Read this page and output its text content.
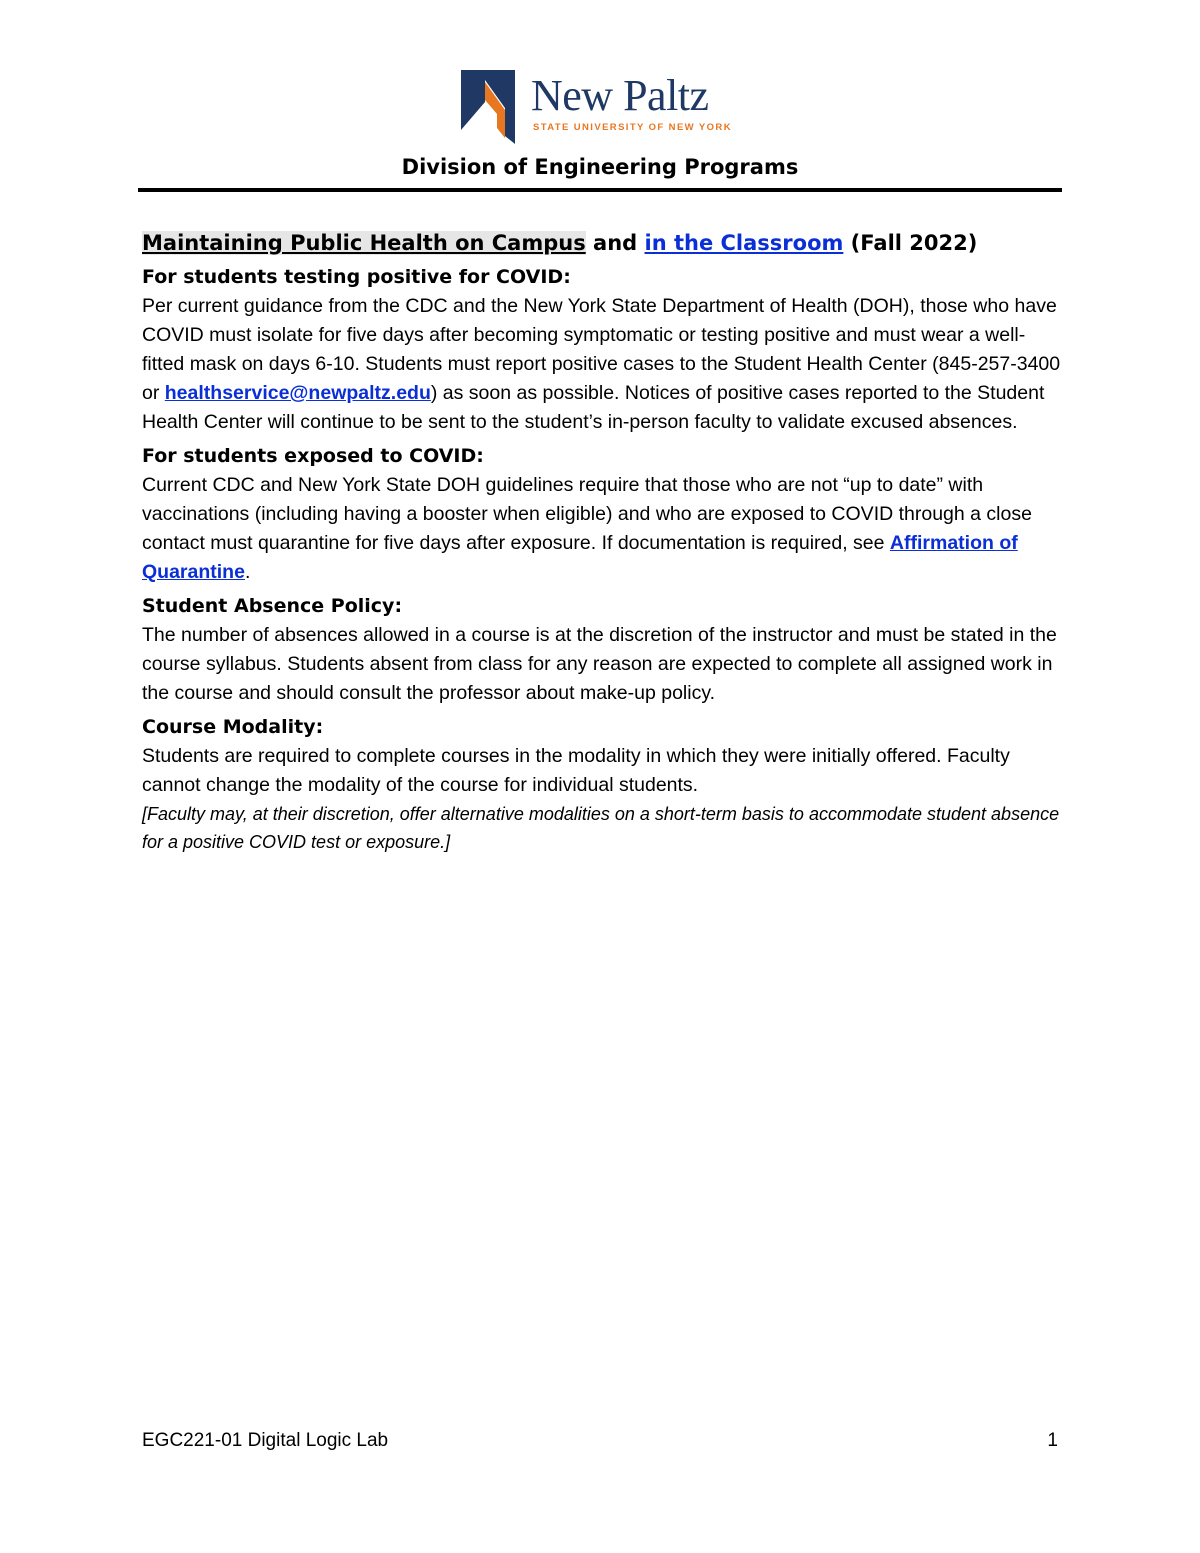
New Paltz
STATE UNIVERSITY OF NEW YORK
Division of Engineering Programs
Maintaining Public Health on Campus and in the Classroom (Fall 2022)
For students testing positive for COVID:

Per current guidance from the CDC and the New York State Department of Health (DOH), those who have COVID must isolate for five days after becoming symptomatic or testing positive and must wear a well-fitted mask on days 6-10. Students must report positive cases to the Student Health Center (845-257-3400 or healthservice@newpaltz.edu) as soon as possible. Notices of positive cases reported to the Student Health Center will continue to be sent to the student’s in-person faculty to validate excused absences.

For students exposed to COVID:

Current CDC and New York State DOH guidelines require that those who are not “up to date” with vaccinations (including having a booster when eligible) and who are exposed to COVID through a close contact must quarantine for five days after exposure. If documentation is required, see Affirmation of Quarantine.

Student Absence Policy:

The number of absences allowed in a course is at the discretion of the instructor and must be stated in the course syllabus. Students absent from class for any reason are expected to complete all assigned work in the course and should consult the professor about make-up policy.

Course Modality:

Students are required to complete courses in the modality in which they were initially offered. Faculty cannot change the modality of the course for individual students.

[Faculty may, at their discretion, offer alternative modalities on a short-term basis to accommodate student absence for a positive COVID test or exposure.]

EGC221-01 Digital Logic Lab	1
